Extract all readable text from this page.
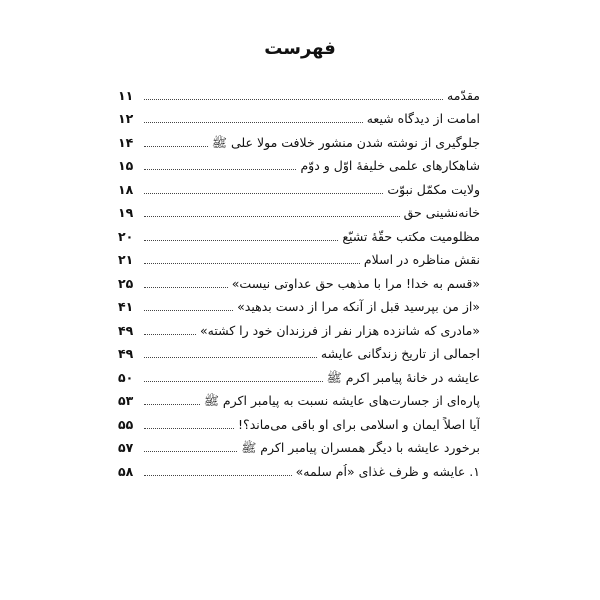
فهرست
مقدّمه
۱۱
امامت از دیدگاه شیعه
۱۲
جلوگیری از نوشته شدن منشور خلافت مولا علی ﷺ
۱۴
شاهکارهای علمی خلیفهٔ اوّل و دوّم
۱۵
ولایت مکمّل نبوّت
۱۸
خانه‌نشینی حق
۱۹
مظلومیت مکتب حقّهٔ تشیّع
۲۰
نقش مناظره در اسلام
۲۱
«قسم به خدا! مرا با مذهب حق عداوتی نیست»
۲۵
«از من بپرسید قبل از آنکه مرا از دست بدهید»
۴۱
«مادری که شانزده هزار نفر از فرزندان خود را کشته»
۴۹
اجمالی از تاریخ زندگانی عایشه
۴۹
عایشه در خانهٔ پیامبر اکرم ﷺ
۵۰
پاره‌ای از جسارت‌های عایشه نسبت به پیامبر اکرم ﷺ
۵۳
آیا اصلاً ایمان و اسلامی برای او باقی می‌ماند؟!
۵۵
برخورد عایشه با دیگر همسران پیامبر اکرم ﷺ
۵۷
۱. عایشه و ظرف غذای «اُم سلمه»
۵۸
